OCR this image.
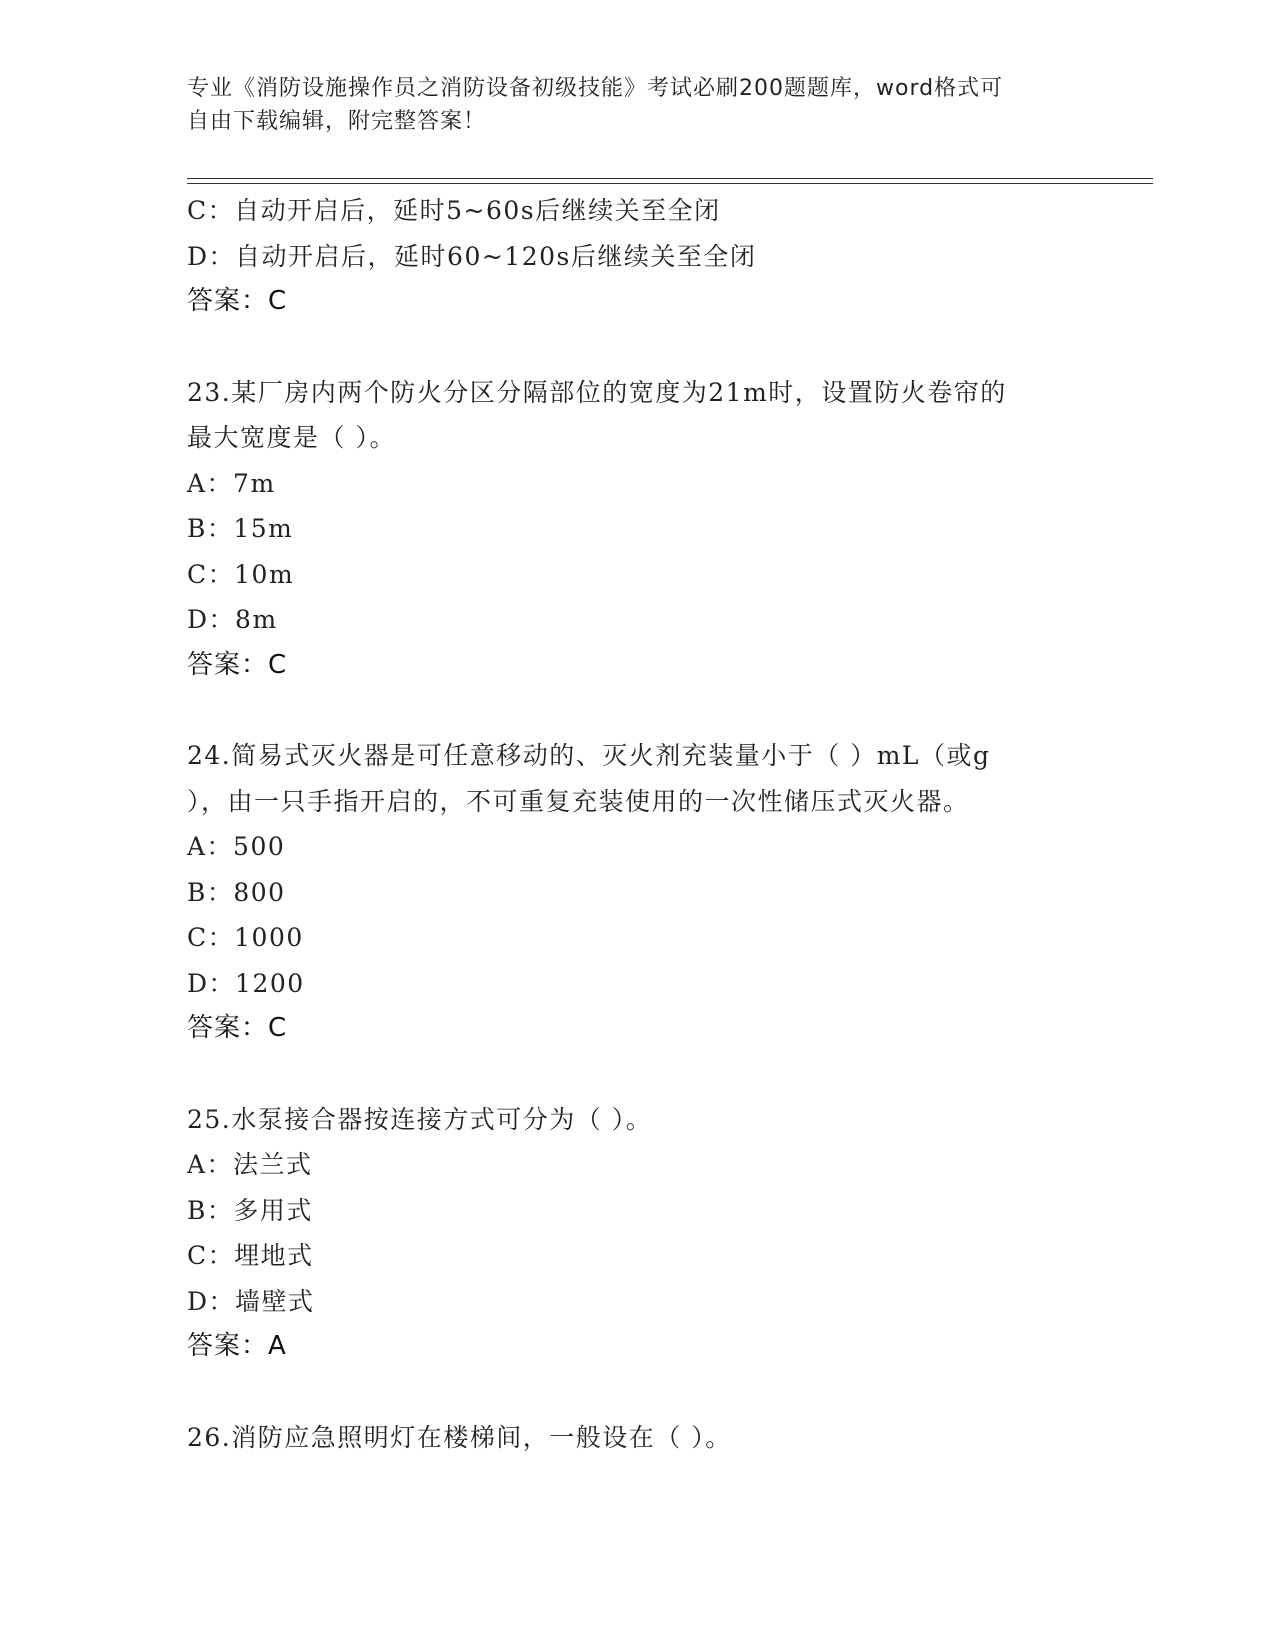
专业《消防设施操作员之消防设备初级技能》考试必刷200题题库，word格式可
自由下载编辑，附完整答案！
C：自动开启后，延时5~60s后继续关至全闭
D：自动开启后，延时60~120s后继续关至全闭
答案：C
23.某厂房内两个防火分区分隔部位的宽度为21m时，设置防火卷帘的
最大宽度是（ ）。
A：7m
B：15m
C：10m
D：8m
答案：C
24.简易式灭火器是可任意移动的、灭火剂充装量小于（ ）mL（或g
），由一只手指开启的，不可重复充装使用的一次性储压式灭火器。
A：500
B：800
C：1000
D：1200
答案：C
25.水泵接合器按连接方式可分为（ ）。
A：法兰式
B：多用式
C：埋地式
D：墙壁式
答案：A
26.消防应急照明灯在楼梯间，一般设在（ ）。
